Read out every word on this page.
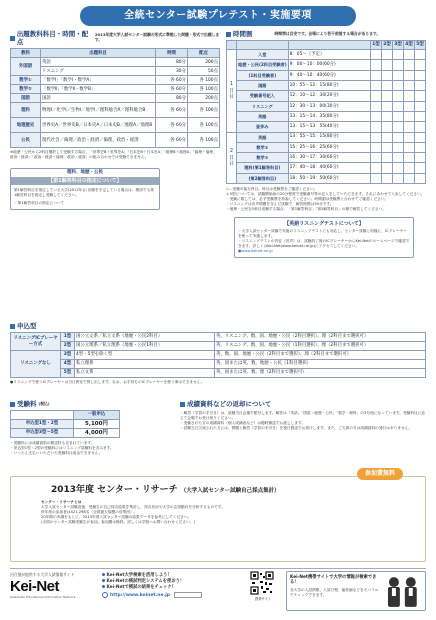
全統センター試験プレテスト・実施要項
出題教科科目・時間・配点
2013年度大学入試センター試験の形式に準拠した問題・形式で出題します。
教科	出題科目	時間	配点
外国語	英語	80分	200点
	リスニング	30分	50点
数学①	「数学Ⅰ」「数学Ⅰ・数学A」	各 60分	各 100点
数学②	「数学Ⅱ」「数学Ⅱ・数学B」	各 60分	各 100点
国語	国語	80分	200点
理科	物理Ⅰ／化学Ⅰ／生物Ⅰ／地学Ⅰ／理科総合A／理科総合B	各 60分	各 100点
地理歴史	世界史A／世界史B／日本史A／日本史B／地理A／地理B	各 60分	各 100点
公民	現代社会／倫理／政治・経済／倫理、政治・経済	各 60分	各 100点
※地歴・公民から2科目選択して受験する場合、「世界史B＋世界史A」「日本史B＋日本史A」「地理B＋地理A」「倫理＋倫理、政治・経済」「政治・経済＋倫理、政治・経済」の組み合わせでは受験できません。
理科、地歴・公民
【第1解答科目の指定について】
第1解答科目を指定している大学(2012年)に出願を予定している場合は、模試でも第1解答科目を指定し受験してください。
・第1解答科目の指定について
時間割	時間帯は目安です。会場により若干前後する場合があります。
			1型	2型	3型	4型	5型
1日目	入室	8：05～（予定）					
	地歴・公民(2科目受験者)	9：00～10：00(60分)					
	(1科目受験者)	9：40～10：40(60分)					
	国語	10：55～12：15(80分)					
	受験番号記入	12：10～12：30(20分)					
	リスニング	12：30～13：00(30分)					
	英語	13：15～14：35(80分)					
	昼休み	13：15～13：55(40分)					
2日目	英語	13：55～15：15(80分)					
	数学①	15：25～16：25(60分)					
	数学②	16：30～17：30(60分)					
	理科(第1解答科目)	17：40～18：40(60分)					
	(第2解答科目)	18：50～19：50(60分)					
◇…受験可能な科目。科目は受験票をご確認ください。
＊5型については、試験開始前の20分程度で受験番号等の記入をしていただきます。それにあわせて入室してください。
・受験に際しては、必ず受験票を持参してください。時間割は受験票と合わせてご確認ください。
・リスニングは音声問題を含んだ試験で、解答時間は30分です。
・地理・公民を2科目受験する場合、「第1解答科目」「第2解答科目」の順で解答してください。
【英語リスニングテストについて】
・大学入試センター試験で実施のリスニングテストにも対応し、センター試験と同様に、ICプレーヤーを使って実施します。
・リスニングテストの内容（音声）は、試験終了後のICプレーヤーからKei-Netのホームページで確認できます。詳しくはKei-Net(www.keinet.ne.jp)にアクセスしてください。
●www.keinet.ne.jp
申込型
リスニングICプレーヤー方式	1型	国公立文系／私立文系（地歴・公民2科目）	英、リスニング、数、国、地歴・公民（2科目選択）、理（2科目まで選択可）
	2型	国公立理系／私立理系（地歴・公民1科目）	英、リスニング、数、国、地歴・公民（1科目選択）、理（2科目まで選択可）
リスニングなし	3型	4型・5型を除く型	英、数、国、地歴・公民（2科目まで選択）、理（2科目まで選択可）
	4型	私立理系	英、国または英、数、地歴・公民（1科目選択）
	5型	私立文系	英、国または英、数、理（2科目まで選択可）
●リスニングで使うICプレーヤーは当日教室で貸し出します。なお、お手持ちのICプレーヤーを使う事はできません。
受験料 (税込)
	一般申込
申込型1型・2型	5,100円
申込型3型～5型	4,000円
・受験料には成績資料の郵送料も含まれています。
・申込型1型・2型の受験料にはリスニング試験料を含みます。
・いったん支払いいただいた受験料は返金できません。
成績資料などの返却について
・解答（学習の手引き）は、試験当日会場で配付します。解答は「英語」「国語・地歴・公民」「数学・理科」の3分冊になっています。受験科目に応じて会場でお受け取りください。
・受験された方の成績資料（個人成績表など）は随時郵送でお渡しします。
・試験当日欠席された方には、問題と解答（学習の手引き）を後日郵送でお届けします。また、ご欠席の方は成績資料の発行はありません。
参加費無料
2013年度 センター・リサーチ （大学入試センター試験自己採点集計）
センター・リサーチとは
大学入試センター試験直後、受験生の自己採点結果を集計し、得点状況や大学の志望動向を分析するものです。
昨年度の参加者は421,298名（全国最大規模の母集団）。
20年間の実績をもとに、2013年度入試センター試験の結果データを参考にしてください。
(全国のセンター試験受験生が参加。参加費は無料。詳しくは学校へお問い合わせください。)
河合塾が提供する大学入試情報サイト
Kei-Net
Kawaijuku Educational Information Network
Kei-Net大学検索を活用しよう！
Kei-Netの模試判定システムを使おう！
Kei-Netで模試の結果をチェック！
http://www.keinet.ne.jp
携帯サイト
Kei-Net携帯サイトで大学の情報が検索できる！
各大学の入試情報、入試日程、偏差値などをモバイルでチェックできます。
